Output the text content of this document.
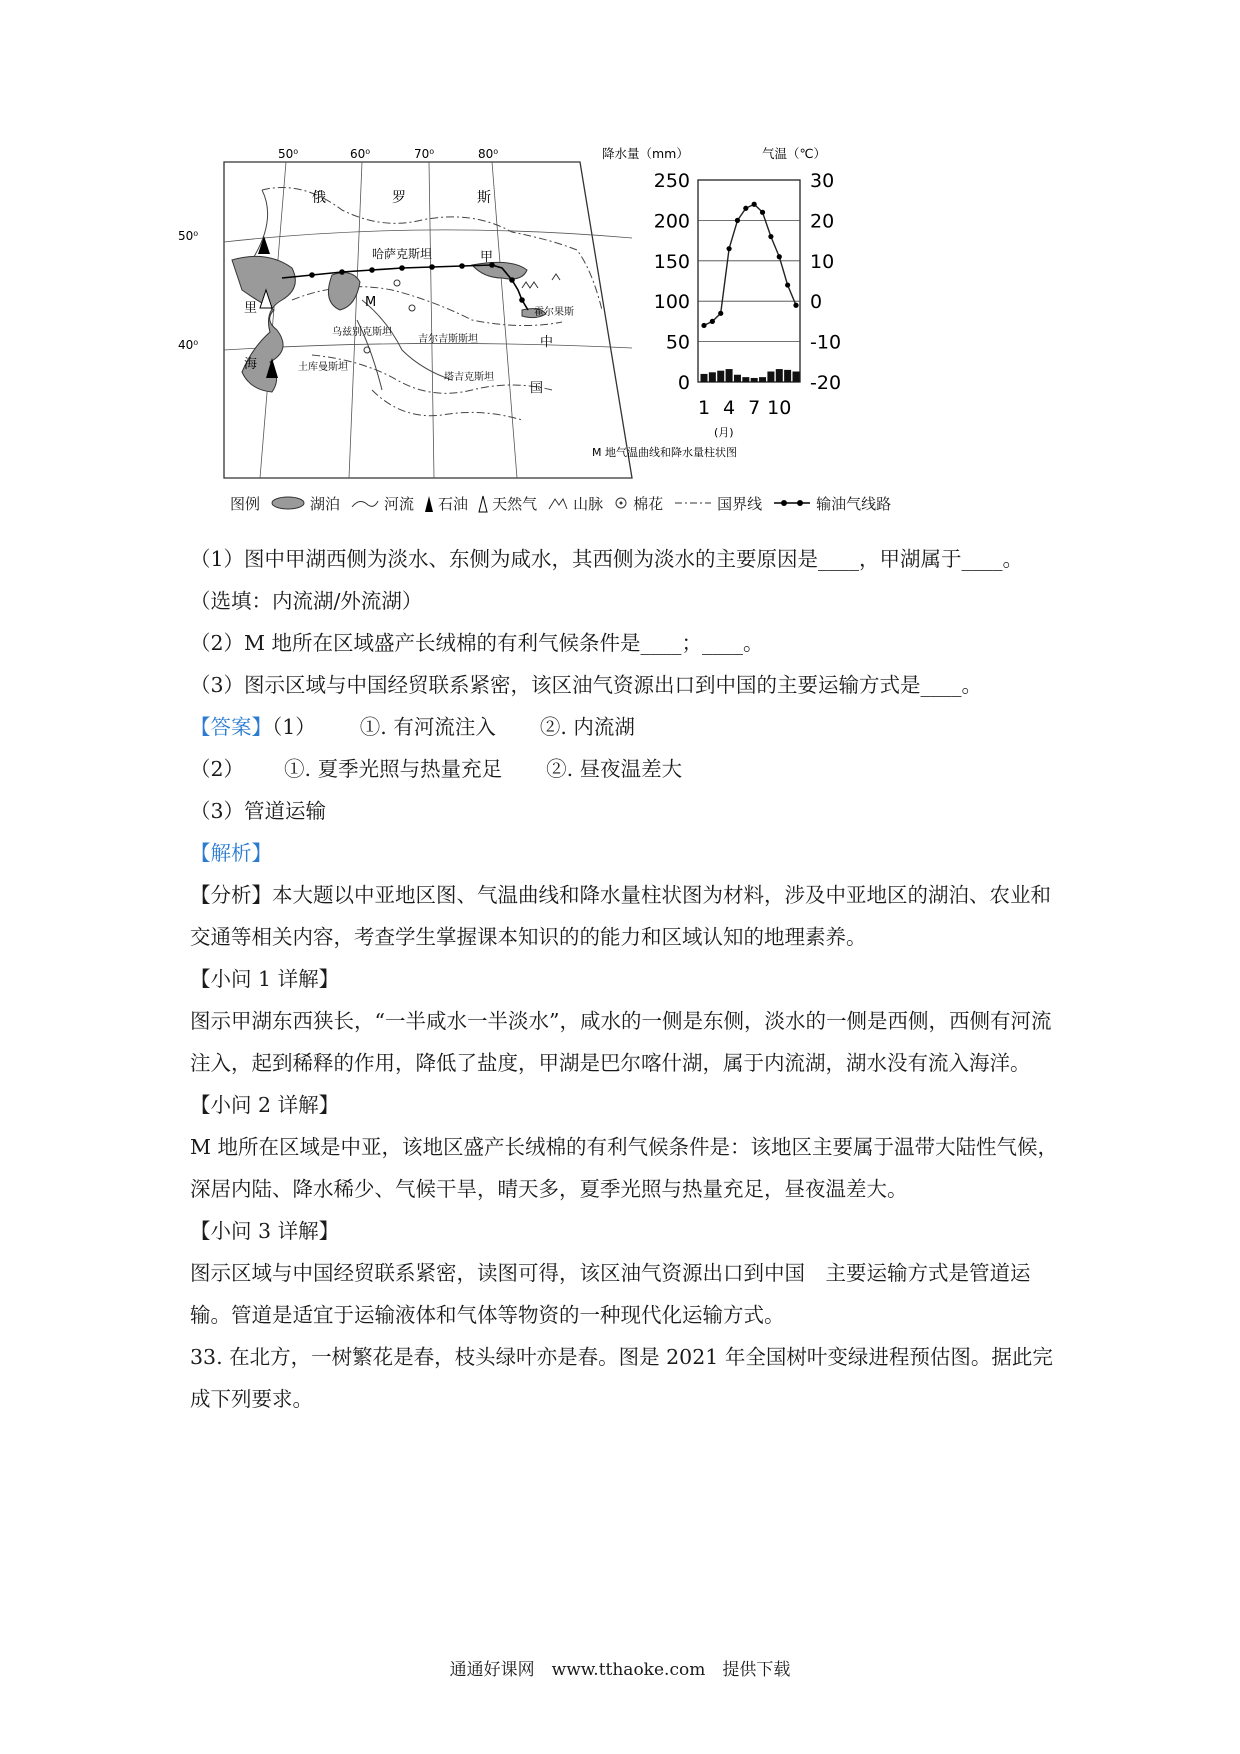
50⁰	60⁰	70⁰	80⁰
50⁰
40⁰
俄	罗	斯
哈萨克斯坦	甲
里
海
M
乌兹别克斯坦
吉尔吉斯斯坦
霍尔果斯
中
土库曼斯坦
塔吉克斯坦
国
降水量（mm）	气温（℃）
0
50
100
150
200
250
-20
-10
0
10
20
30
1 4 7 10
(月)
M 地气温曲线和降水量柱状图
图例	湖泊	河流 石油 天然气 山脉 棉花	国界线	输油气线路

（1）图中甲湖西侧为淡水、东侧为咸水，其西侧为淡水的主要原因是____，甲湖属于____。

（选填：内流湖/外流湖）

（2）M 地所在区域盛产长绒棉的有利气候条件是____；____。

（3）图示区域与中国经贸联系紧密，该区油气资源出口到中国的主要运输方式是____。

【答案】（1） ①. 有河流注入 ②. 内流湖

（2） ①. 夏季光照与热量充足 ②. 昼夜温差大

（3）管道运输

【解析】

【分析】本大题以中亚地区图、气温曲线和降水量柱状图为材料，涉及中亚地区的湖泊、农业和交通等相关内容，考查学生掌握课本知识的的能力和区域认知的地理素养。

【小问 1 详解】

图示甲湖东西狭长，“一半咸水一半淡水”，咸水的一侧是东侧，淡水的一侧是西侧，西侧有河流注入，起到稀释的作用，降低了盐度，甲湖是巴尔喀什湖，属于内流湖，湖水没有流入海洋。

【小问 2 详解】

M 地所在区域是中亚，该地区盛产长绒棉的有利气候条件是：该地区主要属于温带大陆性气候，深居内陆、降水稀少、气候干旱，晴天多，夏季光照与热量充足，昼夜温差大。

【小问 3 详解】

图示区域与中国经贸联系紧密，读图可得，该区油气资源出口到中国　主要运输方式是管道运输。管道是适宜于运输液体和气体等物资的一种现代化运输方式。

33. 在北方，一树繁花是春，枝头绿叶亦是春。图是 2021 年全国树叶变绿进程预估图。据此完成下列要求。

通通好课网　www.tthaoke.com　提供下载
